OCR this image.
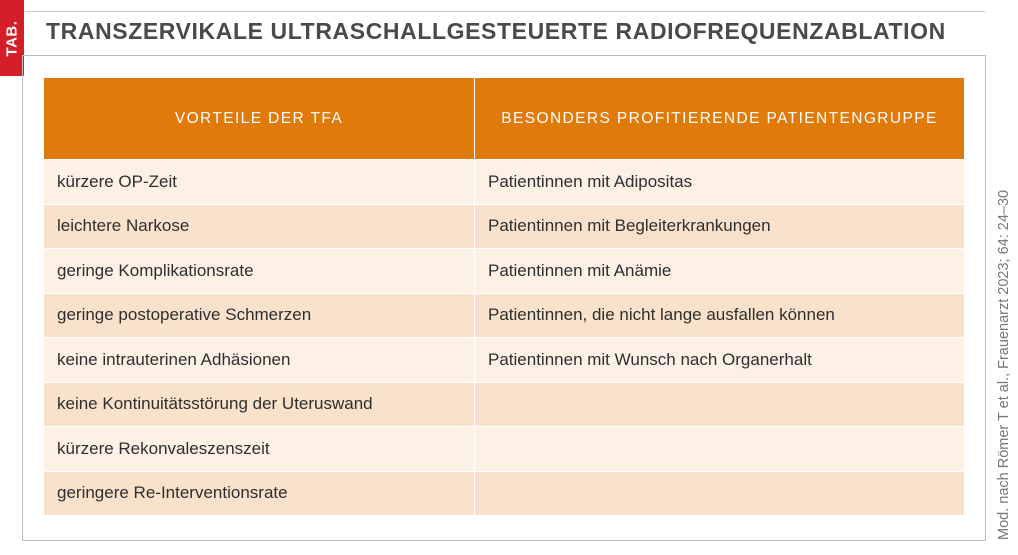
TAB. TRANSZERVIKALE ULTRASCHALLGESTEUERTE RADIOFREQUENZABLATION
Mod. nach Römer T et al., Frauenarzt 2023; 64: 24–30
VORTEILE DER TFA	BESONDERS PROFITIERENDE PATIENTENGRUPPE
kürzere OP-Zeit	Patientinnen mit Adipositas
leichtere Narkose	Patientinnen mit Begleiterkrankungen
geringe Komplikationsrate	Patientinnen mit Anämie
geringe postoperative Schmerzen	Patientinnen, die nicht lange ausfallen können
keine intrauterinen Adhäsionen	Patientinnen mit Wunsch nach Organerhalt
keine Kontinuitätsstörung der Uteruswand
kürzere Rekonvaleszenszeit
geringere Re-Interventionsrate
